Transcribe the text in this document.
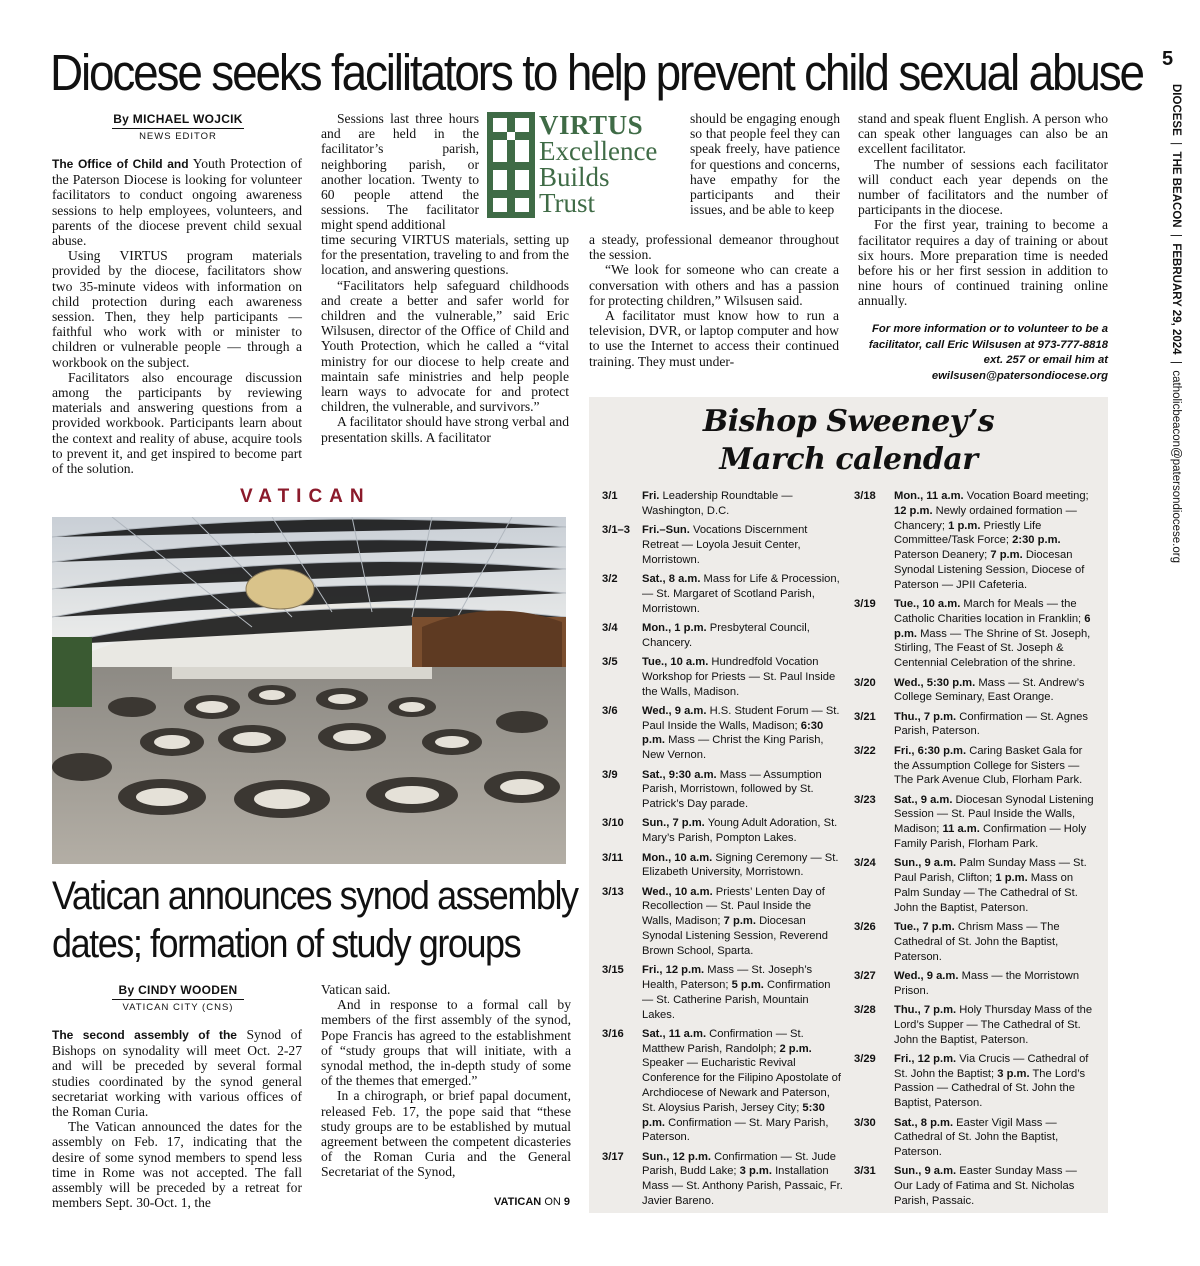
5
DIOCESE  |  THE BEACON  |  FEBRUARY 29, 2024  |  catholicbeacon@patersondiocese.org
Diocese seeks facilitators to help prevent child sexual abuse
By MICHAEL WOJCIK
NEWS EDITOR

The Office of Child and Youth Protection of the Paterson Diocese is looking for volunteer facilitators to conduct ongoing awareness sessions to help employees, volunteers, and parents of the diocese prevent child sexual abuse.

Using VIRTUS program materials provided by the diocese, facilitators show two 35-minute videos with information on child protection during each awareness session. Then, they help participants — faithful who work with or minister to children or vulnerable people — through a workbook on the subject.

Facilitators also encourage discussion among the participants by reviewing materials and answering questions from a provided workbook. Participants learn about the context and reality of abuse, acquire tools to prevent it, and get inspired to become part of the solution.

Sessions last three hours and are held in the facilitator’s parish, neighboring parish, or another location. Twenty to 60 people attend the sessions. The facilitator might spend additional

time securing VIRTUS materials, setting up for the presentation, traveling to and from the location, and answering questions.

“Facilitators help safeguard childhoods and create a better and safer world for children and the vulnerable,” said Eric Wilsusen, director of the Office of Child and Youth Protection, which he called a “vital ministry for our diocese to help create and maintain safe ministries and help people learn ways to advocate for and protect children, the vulnerable, and survivors.”

A facilitator should have strong verbal and presentation skills. A facilitator

VIRTUS
Excellence
Builds
Trust

should be engaging enough so that people feel they can speak freely, have patience for questions and concerns, have empathy for the participants and their issues, and be able to keep

a steady, professional demeanor throughout the session.

“We look for someone who can create a conversation with others and has a passion for protecting children,” Wilsusen said.

A facilitator must know how to run a television, DVR, or laptop computer and how to use the Internet to access their continued training. They must under-

stand and speak fluent English. A person who can speak other languages can also be an excellent facilitator.

The number of sessions each facilitator will conduct each year depends on the number of facilitators and the number of participants in the diocese.

For the first year, training to become a facilitator requires a day of training or about six hours. More preparation time is needed before his or her first session in addition to nine hours of continued training online annually.

For more information or to volunteer to be a facilitator, call Eric Wilsusen at 973-777-8818 ext. 257 or email him at ewilsusen@patersondiocese.org
VATICAN
Vatican announces synod assembly
dates; formation of study groups
By CINDY WOODEN
VATICAN CITY (CNS)

The second assembly of the Synod of Bishops on synodality will meet Oct. 2-27 and will be preceded by several formal studies coordinated by the synod general secretariat working with various offices of the Roman Curia.

The Vatican announced the dates for the assembly on Feb. 17, indicating that the desire of some synod members to spend less time in Rome was not accepted. The fall assembly will be preceded by a retreat for members Sept. 30-Oct. 1, the

Vatican said.

And in response to a formal call by members of the first assembly of the synod, Pope Francis has agreed to the establishment of “study groups that will initiate, with a synodal method, the in-depth study of some of the themes that emerged.”

In a chirograph, or brief papal document, released Feb. 17, the pope said that “these study groups are to be established by mutual agreement between the competent dicasteries of the Roman Curia and the General Secretariat of the Synod,

VATICAN ON 9
Bishop Sweeney’s
March calendar
3/1	Fri. Leadership Roundtable — Washington, D.C.
3/1–3	Fri.–Sun. Vocations Discernment Retreat — Loyola Jesuit Center, Morristown.
3/2	Sat., 8 a.m. Mass for Life & Procession, — St. Margaret of Scotland Parish, Morristown.
3/4	Mon., 1 p.m. Presbyteral Council, Chancery.
3/5	Tue., 10 a.m. Hundredfold Vocation Workshop for Priests — St. Paul Inside the Walls, Madison.
3/6	Wed., 9 a.m. H.S. Student Forum — St. Paul Inside the Walls, Madison; 6:30 p.m. Mass — Christ the King Parish, New Vernon.
3/9	Sat., 9:30 a.m. Mass — Assumption Parish, Morristown, followed by St. Patrick’s Day parade.
3/10	Sun., 7 p.m. Young Adult Adoration, St. Mary’s Parish, Pompton Lakes.
3/11	Mon., 10 a.m. Signing Ceremony — St. Elizabeth University, Morristown.
3/13	Wed., 10 a.m. Priests’ Lenten Day of Recollection — St. Paul Inside the Walls, Madison; 7 p.m. Diocesan Synodal Listening Session, Reverend Brown School, Sparta.
3/15	Fri., 12 p.m. Mass — St. Joseph’s Health, Paterson; 5 p.m. Confirmation — St. Catherine Parish, Mountain Lakes.
3/16	Sat., 11 a.m. Confirmation — St. Matthew Parish, Randolph; 2 p.m. Speaker — Eucharistic Revival Conference for the Filipino Apostolate of Archdiocese of Newark and Paterson, St. Aloysius Parish, Jersey City; 5:30 p.m. Confirmation — St. Mary Parish, Paterson.
3/17	Sun., 12 p.m. Confirmation — St. Jude Parish, Budd Lake; 3 p.m. Installation Mass — St. Anthony Parish, Passaic, Fr. Javier Bareno.
3/18	Mon., 11 a.m. Vocation Board meeting; 12 p.m. Newly ordained formation — Chancery; 1 p.m. Priestly Life Committee/Task Force; 2:30 p.m. Paterson Deanery; 7 p.m. Diocesan Synodal Listening Session, Diocese of Paterson — JPII Cafeteria.
3/19	Tue., 10 a.m. March for Meals — the Catholic Charities location in Franklin; 6 p.m. Mass — The Shrine of St. Joseph, Stirling, The Feast of St. Joseph & Centennial Celebration of the shrine.
3/20	Wed., 5:30 p.m. Mass — St. Andrew’s College Seminary, East Orange.
3/21	Thu., 7 p.m. Confirmation — St. Agnes Parish, Paterson.
3/22	Fri., 6:30 p.m. Caring Basket Gala for the Assumption College for Sisters — The Park Avenue Club, Florham Park.
3/23	Sat., 9 a.m. Diocesan Synodal Listening Session — St. Paul Inside the Walls, Madison; 11 a.m. Confirmation — Holy Family Parish, Florham Park.
3/24	Sun., 9 a.m. Palm Sunday Mass — St. Paul Parish, Clifton; 1 p.m. Mass on Palm Sunday — The Cathedral of St. John the Baptist, Paterson.
3/26	Tue., 7 p.m. Chrism Mass — The Cathedral of St. John the Baptist, Paterson.
3/27	Wed., 9 a.m. Mass — the Morristown Prison.
3/28	Thu., 7 p.m. Holy Thursday Mass of the Lord’s Supper — The Cathedral of St. John the Baptist, Paterson.
3/29	Fri., 12 p.m. Via Crucis — Cathedral of St. John the Baptist; 3 p.m. The Lord’s Passion — Cathedral of St. John the Baptist, Paterson.
3/30	Sat., 8 p.m. Easter Vigil Mass — Cathedral of St. John the Baptist, Paterson.
3/31	Sun., 9 a.m. Easter Sunday Mass — Our Lady of Fatima and St. Nicholas Parish, Passaic.
